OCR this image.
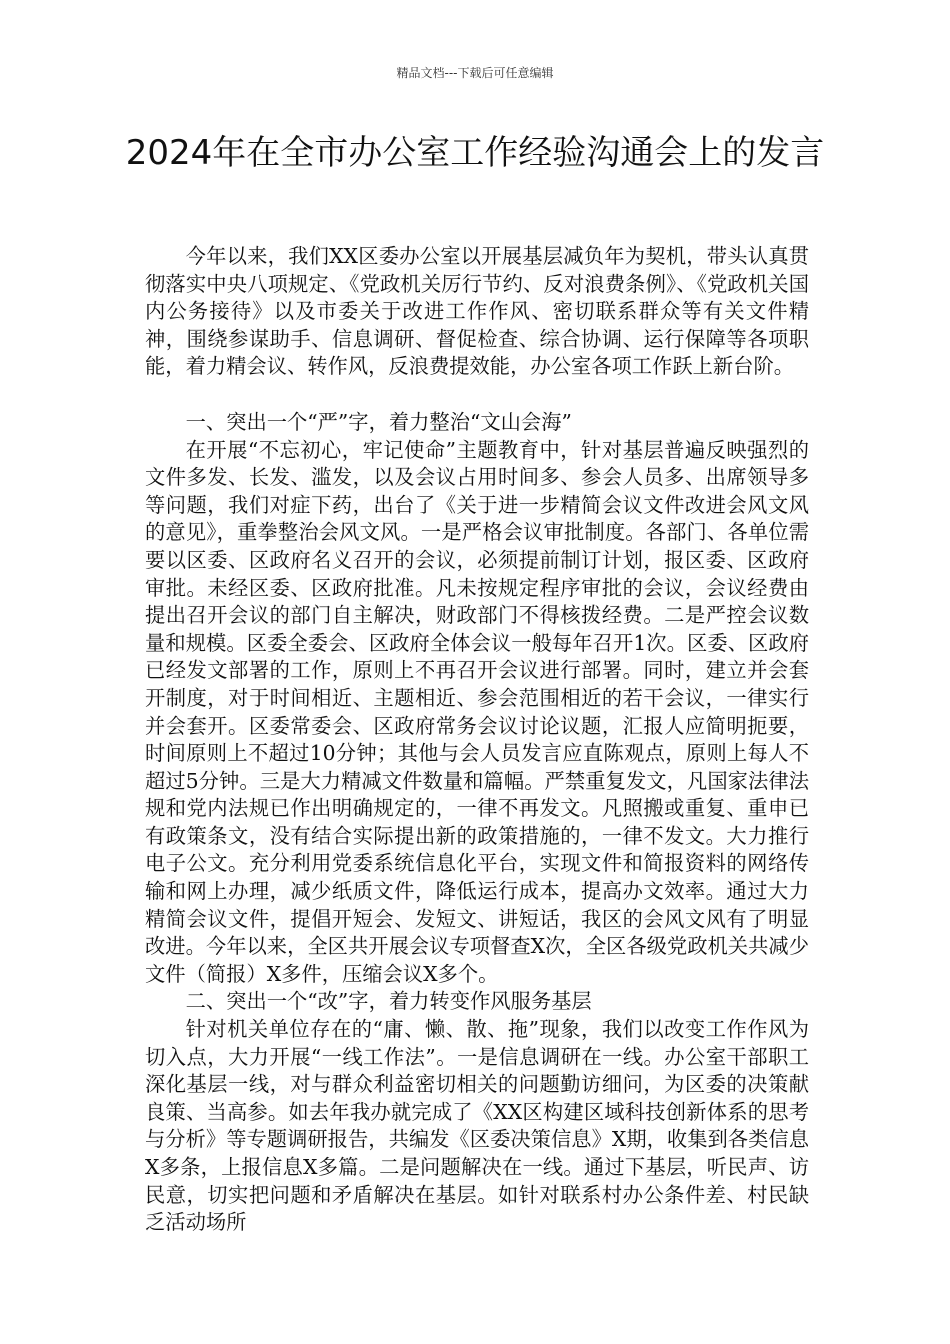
精品文档---下载后可任意编辑
2024年在全市办公室工作经验沟通会上的发言

今年以来，我们XX区委办公室以开展基层减负年为契机，带头认真贯彻落实中央八项规定、《党政机关厉行节约、反对浪费条例》、《党政机关国内公务接待》以及市委关于改进工作作风、密切联系群众等有关文件精神，围绕参谋助手、信息调研、督促检查、综合协调、运行保障等各项职能，着力精会议、转作风，反浪费提效能，办公室各项工作跃上新台阶。

一、突出一个“严”字，着力整治“文山会海”

在开展“不忘初心，牢记使命”主题教育中，针对基层普遍反映强烈的文件多发、长发、滥发，以及会议占用时间多、参会人员多、出席领导多等问题，我们对症下药，出台了《关于进一步精简会议文件改进会风文风的意见》，重拳整治会风文风。一是严格会议审批制度。各部门、各单位需要以区委、区政府名义召开的会议，必须提前制订计划，报区委、区政府审批。未经区委、区政府批准。凡未按规定程序审批的会议，会议经费由提出召开会议的部门自主解决，财政部门不得核拨经费。二是严控会议数量和规模。区委全委会、区政府全体会议一般每年召开1次。区委、区政府已经发文部署的工作，原则上不再召开会议进行部署。同时，建立并会套开制度，对于时间相近、主题相近、参会范围相近的若干会议，一律实行并会套开。区委常委会、区政府常务会议讨论议题，汇报人应简明扼要，时间原则上不超过10分钟；其他与会人员发言应直陈观点，原则上每人不超过5分钟。三是大力精减文件数量和篇幅。严禁重复发文，凡国家法律法规和党内法规已作出明确规定的，一律不再发文。凡照搬或重复、重申已有政策条文，没有结合实际提出新的政策措施的，一律不发文。大力推行电子公文。充分利用党委系统信息化平台，实现文件和简报资料的网络传输和网上办理，减少纸质文件，降低运行成本，提高办文效率。通过大力精简会议文件，提倡开短会、发短文、讲短话，我区的会风文风有了明显改进。今年以来，全区共开展会议专项督查X次，全区各级党政机关共减少文件（简报）X多件，压缩会议X多个。

二、突出一个“改”字，着力转变作风服务基层

针对机关单位存在的“庸、懒、散、拖”现象，我们以改变工作作风为切入点，大力开展“一线工作法”。一是信息调研在一线。办公室干部职工深化基层一线，对与群众利益密切相关的问题勤访细问，为区委的决策献良策、当高参。如去年我办就完成了《XX区构建区域科技创新体系的思考与分析》等专题调研报告，共编发《区委决策信息》X期，收集到各类信息X多条，上报信息X多篇。二是问题解决在一线。通过下基层，听民声、访民意，切实把问题和矛盾解决在基层。如针对联系村办公条件差、村民缺乏活动场所
